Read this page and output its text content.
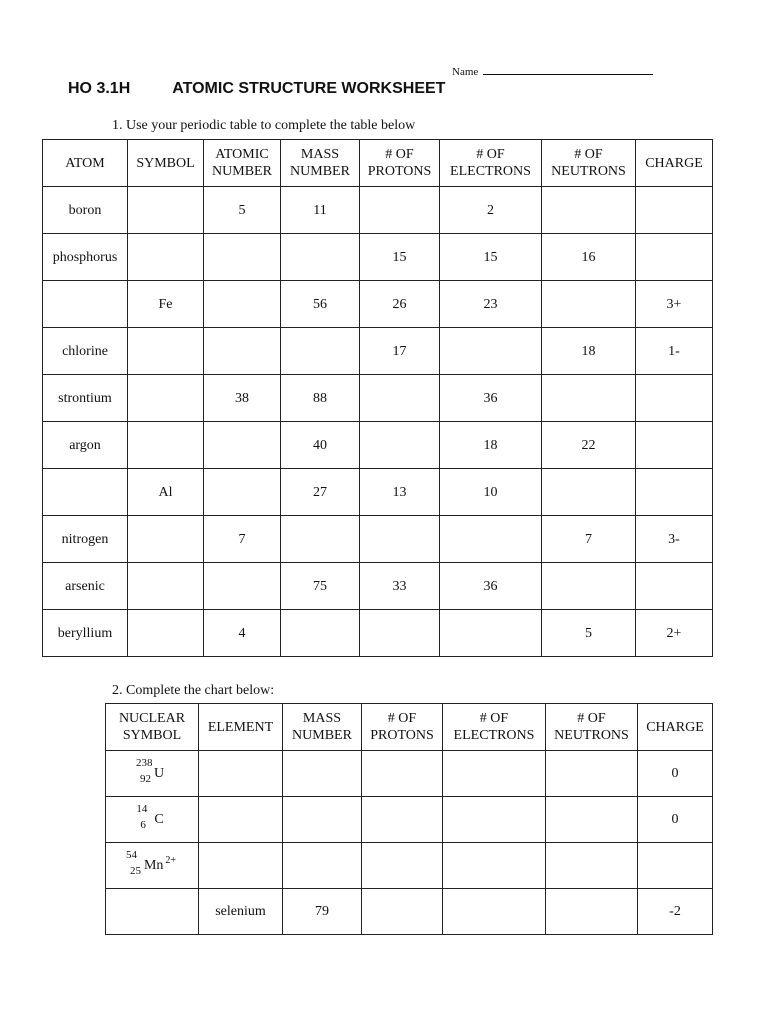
Name
HO 3.1H	ATOMIC STRUCTURE WORKSHEET
1. Use your periodic table to complete the table below
ATOM	SYMBOL	ATOMIC NUMBER	MASS NUMBER	# OF PROTONS	# OF ELECTRONS	# OF NEUTRONS	CHARGE
boron		5	11		2		
phosphorus				15	15	16	
	Fe		56	26	23		3+
chlorine				17		18	1-
strontium		38	88		36		
argon			40		18	22	
	Al		27	13	10		
nitrogen		7				7	3-
arsenic			75	33	36		
beryllium		4				5	2+
2. Complete the chart below:
NUCLEAR SYMBOL	ELEMENT	MASS NUMBER	# OF PROTONS	# OF ELECTRONS	# OF NEUTRONS	CHARGE

238
92 U						0

14
6 C						0

54
25 Mn $^{2+}$						
	selenium	79				-2
